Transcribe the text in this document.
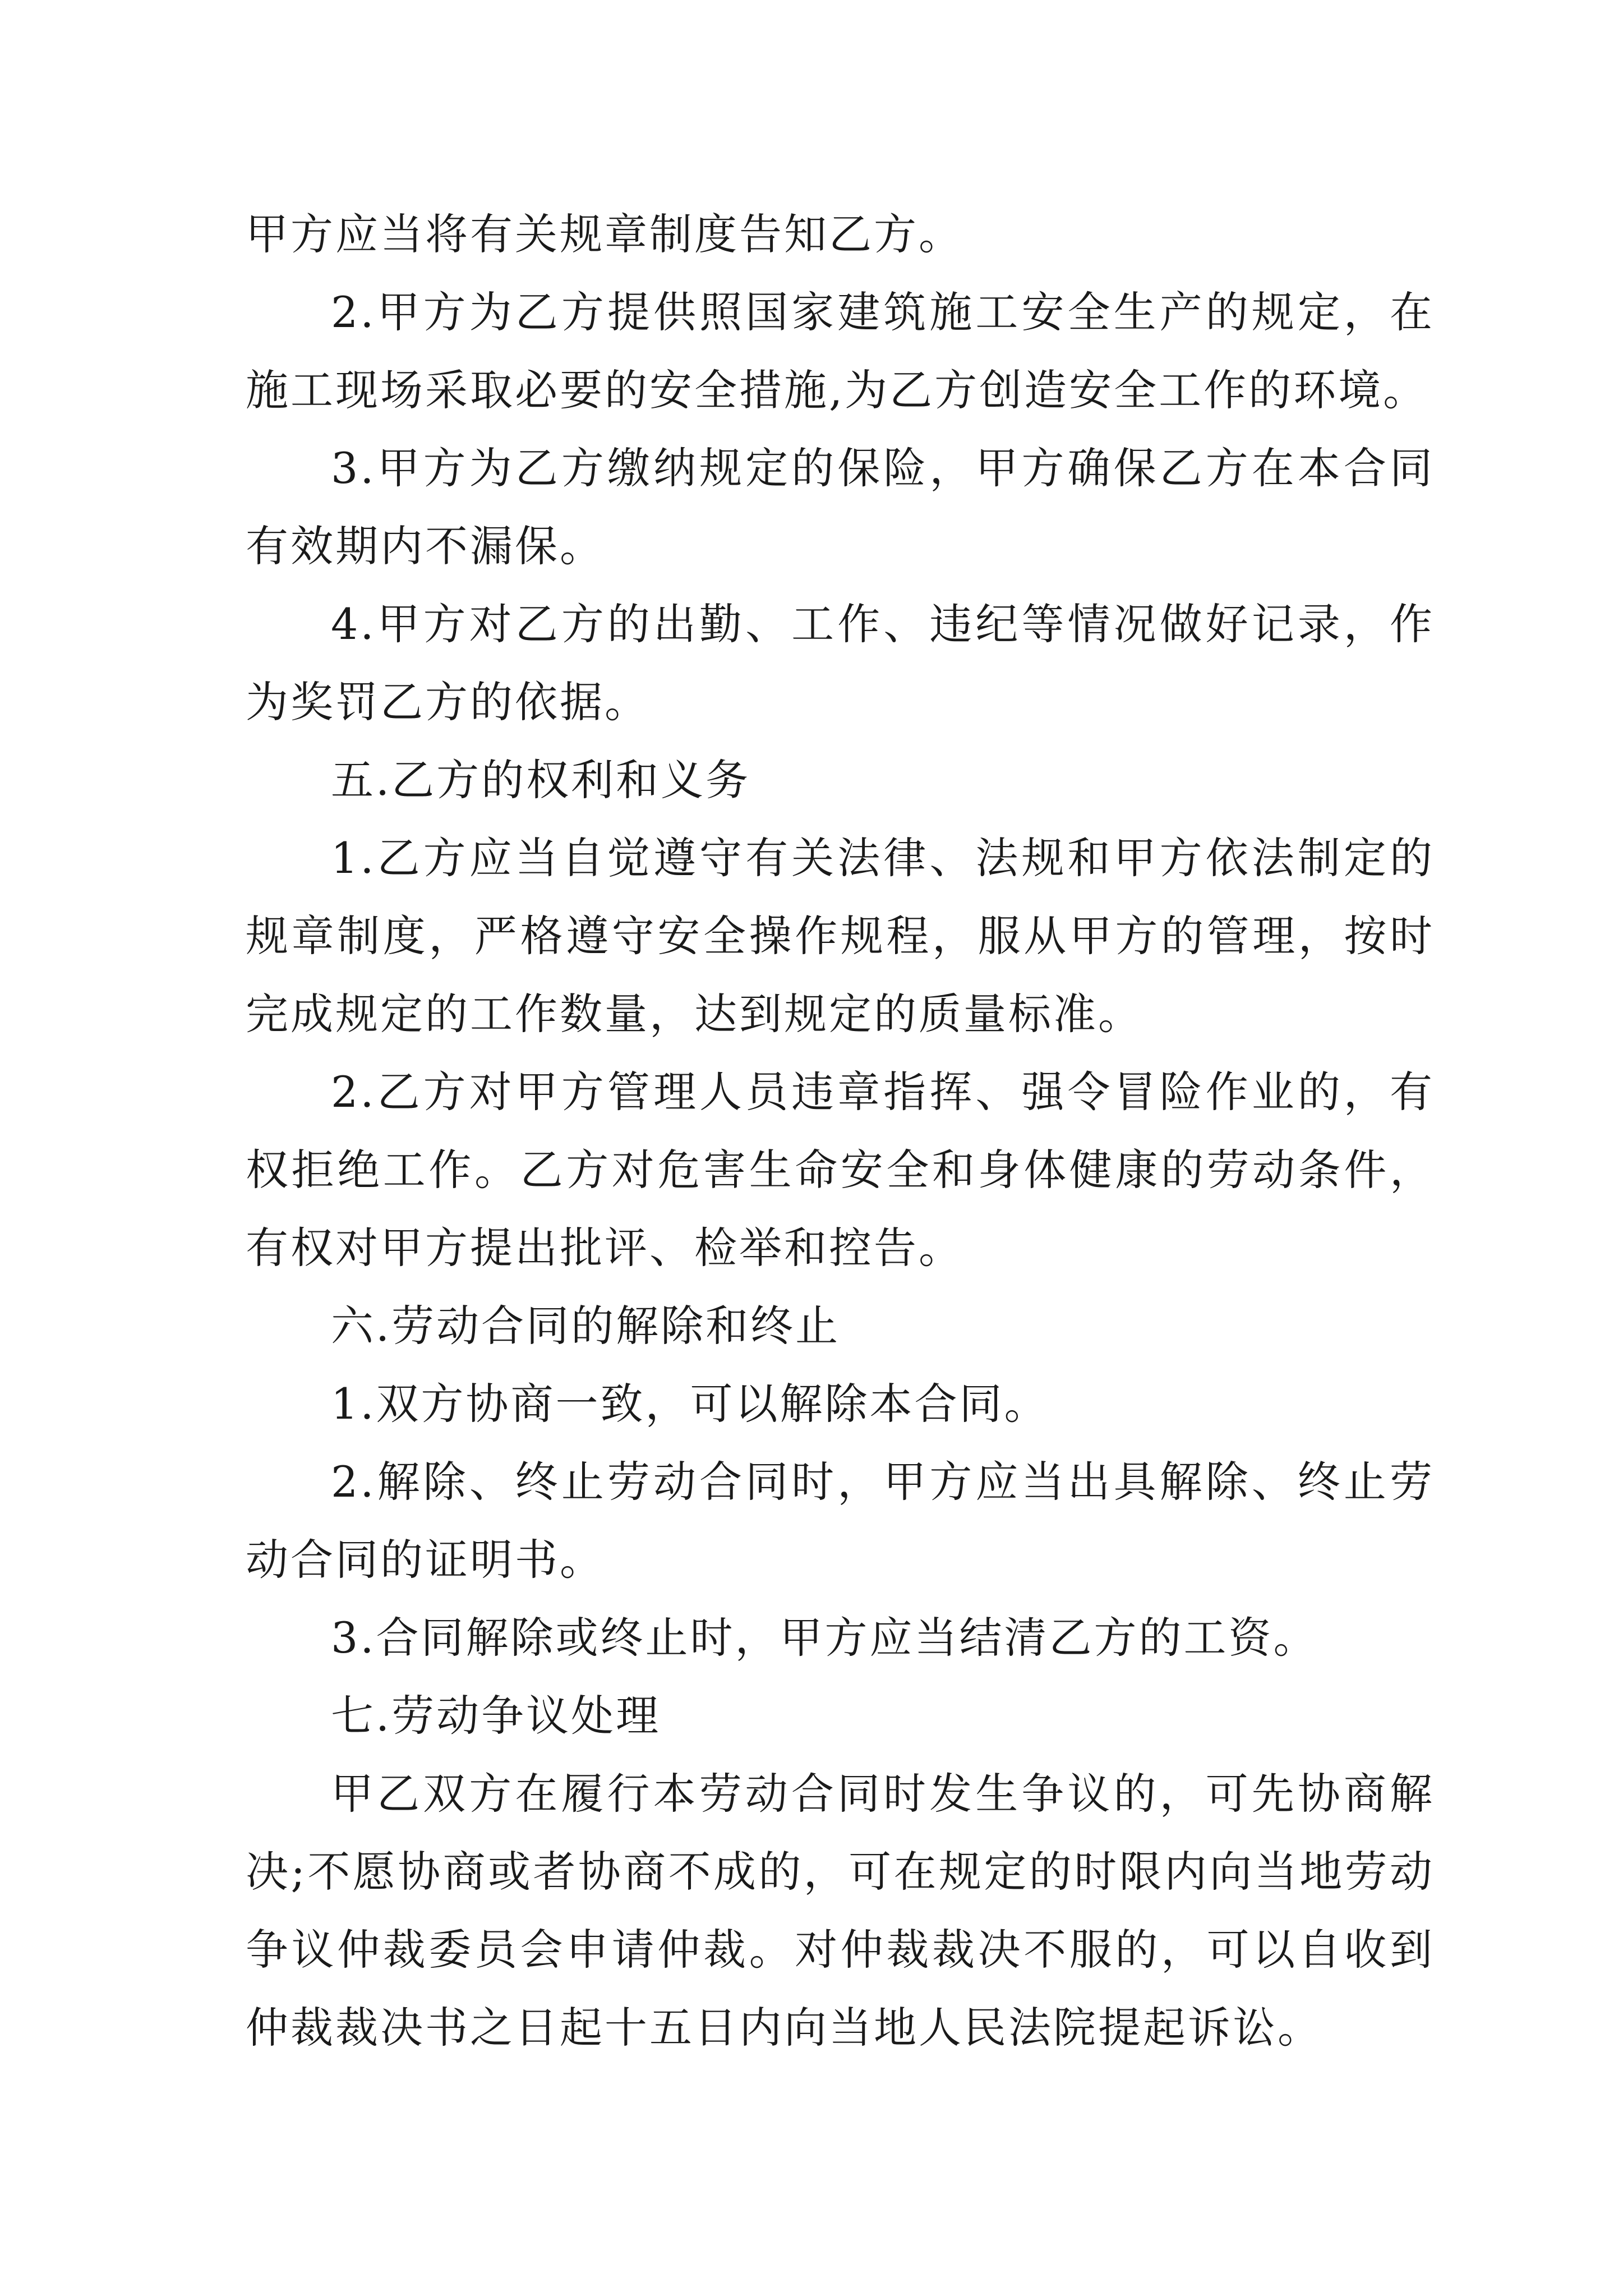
甲方应当将有关规章制度告知乙方。

2.甲方为乙方提供照国家建筑施工安全生产的规定，在施工现场采取必要的安全措施,为乙方创造安全工作的环境。

3.甲方为乙方缴纳规定的保险，甲方确保乙方在本合同有效期内不漏保。

4.甲方对乙方的出勤、工作、违纪等情况做好记录，作为奖罚乙方的依据。

五.乙方的权利和义务

1.乙方应当自觉遵守有关法律、法规和甲方依法制定的规章制度，严格遵守安全操作规程，服从甲方的管理，按时完成规定的工作数量，达到规定的质量标准。

2.乙方对甲方管理人员违章指挥、强令冒险作业的，有权拒绝工作。乙方对危害生命安全和身体健康的劳动条件，有权对甲方提出批评、检举和控告。

六.劳动合同的解除和终止

1.双方协商一致，可以解除本合同。

2.解除、终止劳动合同时，甲方应当出具解除、终止劳动合同的证明书。

3.合同解除或终止时，甲方应当结清乙方的工资。

七.劳动争议处理

甲乙双方在履行本劳动合同时发生争议的，可先协商解决;不愿协商或者协商不成的，可在规定的时限内向当地劳动争议仲裁委员会申请仲裁。对仲裁裁决不服的，可以自收到仲裁裁决书之日起十五日内向当地人民法院提起诉讼。
